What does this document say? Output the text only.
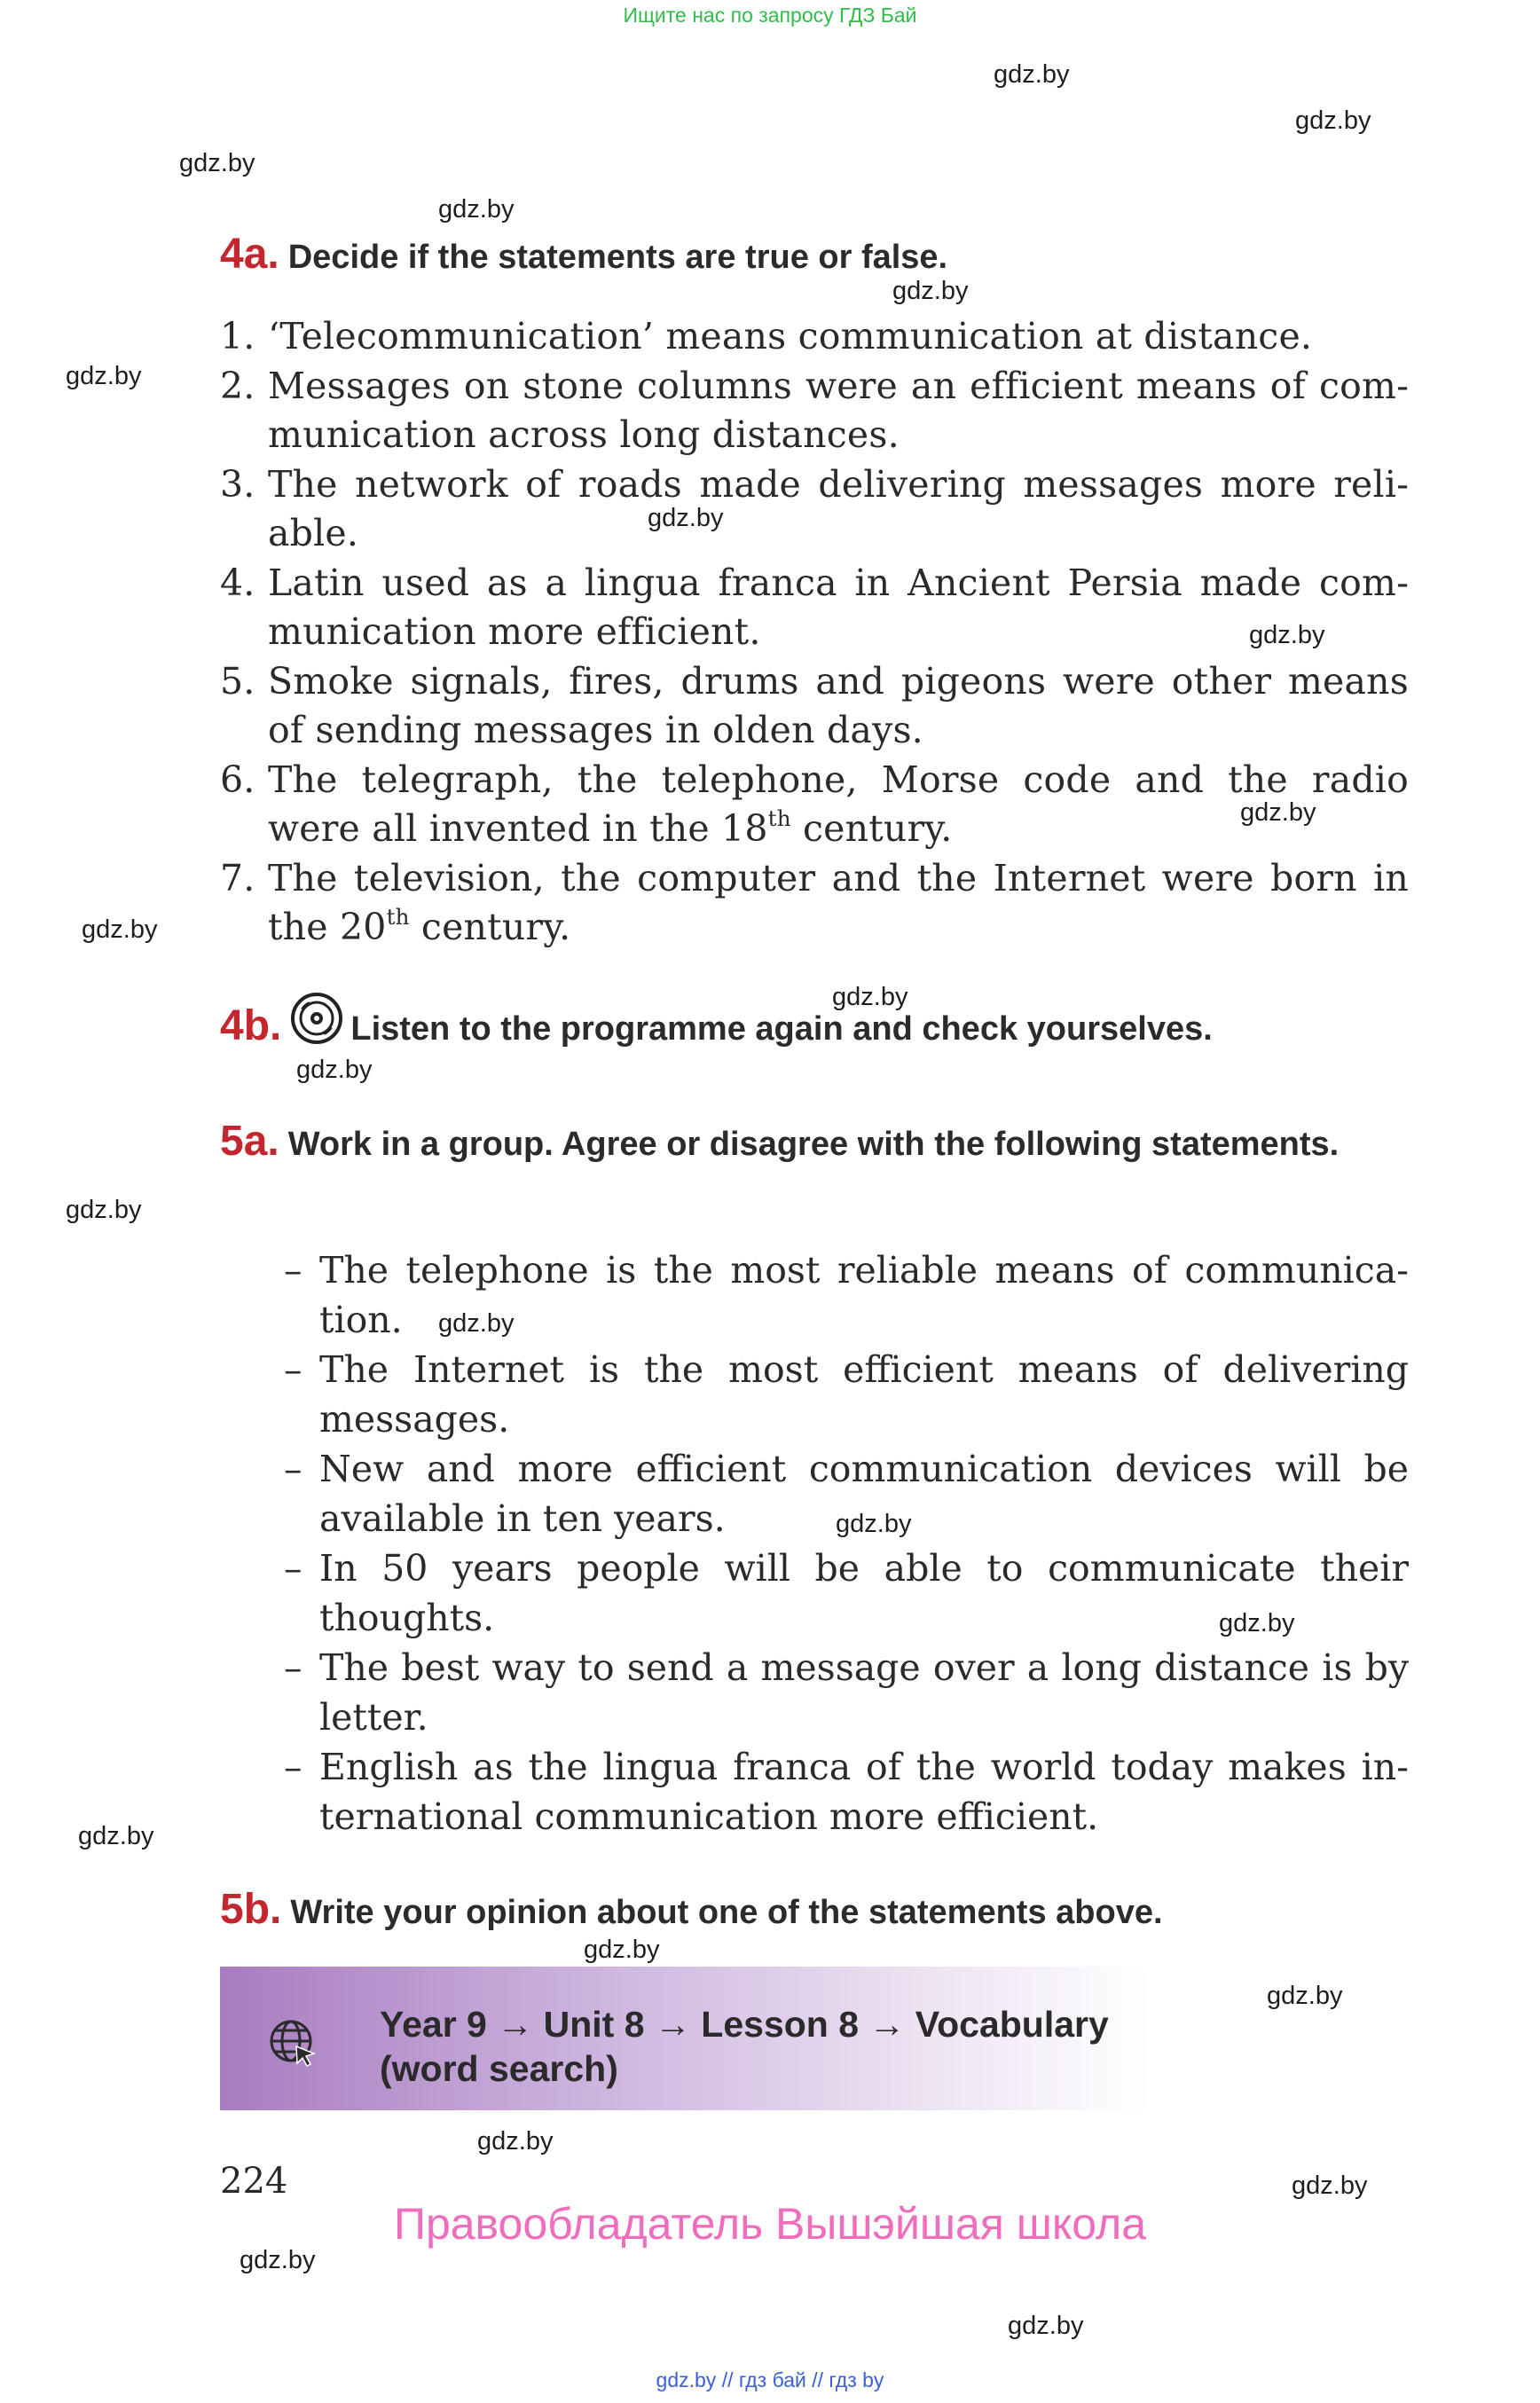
Ищите нас по запросу ГДЗ Бай
gdz.by
gdz.by
gdz.by
gdz.by
gdz.by
gdz.by
gdz.by
gdz.by
gdz.by
gdz.by
gdz.by
gdz.by
gdz.by
gdz.by
gdz.by
gdz.by
gdz.by
gdz.by
gdz.by
gdz.by
gdz.by
gdz.by
gdz.by
4a. Decide if the statements are true or false.
1. ‘Telecommunication’ means communication at distance.
2. Messages on stone columns were an efficient means of communication across long distances.
3. The network of roads made delivering messages more reliable.
4. Latin used as a lingua franca in Ancient Persia made communication more efficient.
5. Smoke signals, fires, drums and pigeons were other means of sending messages in olden days.
6. The telegraph, the telephone, Morse code and the radio were all invented in the 18th century.
7. The television, the computer and the Internet were born in the 20th century.
4b. Listen to the programme again and check yourselves.
5a. Work in a group. Agree or disagree with the following statements.
– The telephone is the most reliable means of communication.
– The Internet is the most efficient means of delivering messages.
– New and more efficient communication devices will be available in ten years.
– In 50 years people will be able to communicate their thoughts.
– The best way to send a message over a long distance is by letter.
– English as the lingua franca of the world today makes international communication more efficient.
5b. Write your opinion about one of the statements above.
Year 9 → Unit 8 → Lesson 8 → Vocabulary
(word search)
224
Правообладатель Вышэйшая школа
gdz.by // гдз бай // гдз by
